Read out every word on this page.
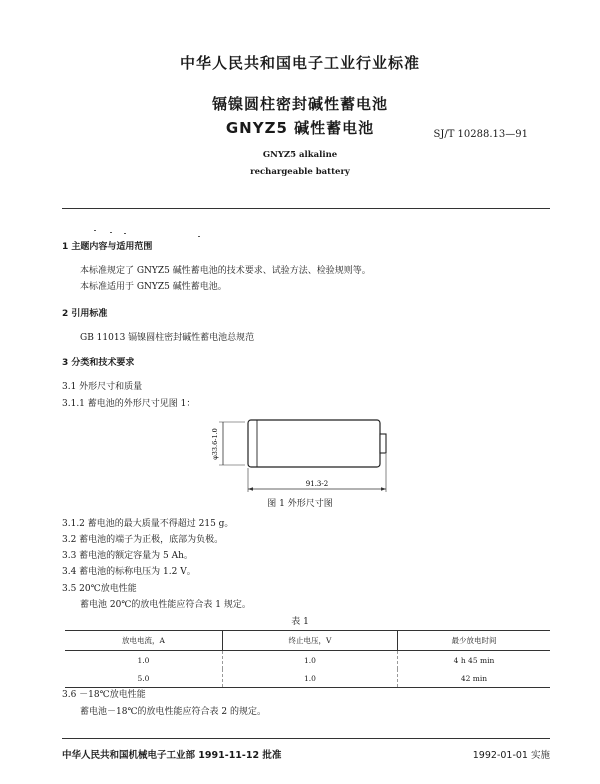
中华人民共和国电子工业行业标准
镉镍圆柱密封碱性蓄电池
GNYZ5 碱性蓄电池	SJ/T 10288.13—91
GNYZ5 alkaline
rechargeable battery
1 主题内容与适用范围
本标准规定了 GNYZ5 碱性蓄电池的技术要求、试验方法、检验规则等。
本标准适用于 GNYZ5 碱性蓄电池。
2 引用标准
GB 11013 镉镍圆柱密封碱性蓄电池总规范
3 分类和技术要求
3.1 外形尺寸和质量
3.1.1 蓄电池的外形尺寸见图 1：
φ33.6-1.0
91.3-2
图 1 外形尺寸图
3.1.2 蓄电池的最大质量不得超过 215 g。
3.2 蓄电池的端子为正极，底部为负极。
3.3 蓄电池的额定容量为 5 Ah。
3.4 蓄电池的标称电压为 1.2 V。
3.5 20℃放电性能
蓄电池 20℃的放电性能应符合表 1 规定。
表 1
放电电流，A	终止电压，V	最少放电时间
1.0	1.0	4 h 45 min
5.0	1.0	42 min
3.6 －18℃放电性能
蓄电池－18℃的放电性能应符合表 2 的规定。
中华人民共和国机械电子工业部 1991-11-12 批准	1992-01-01 实施
